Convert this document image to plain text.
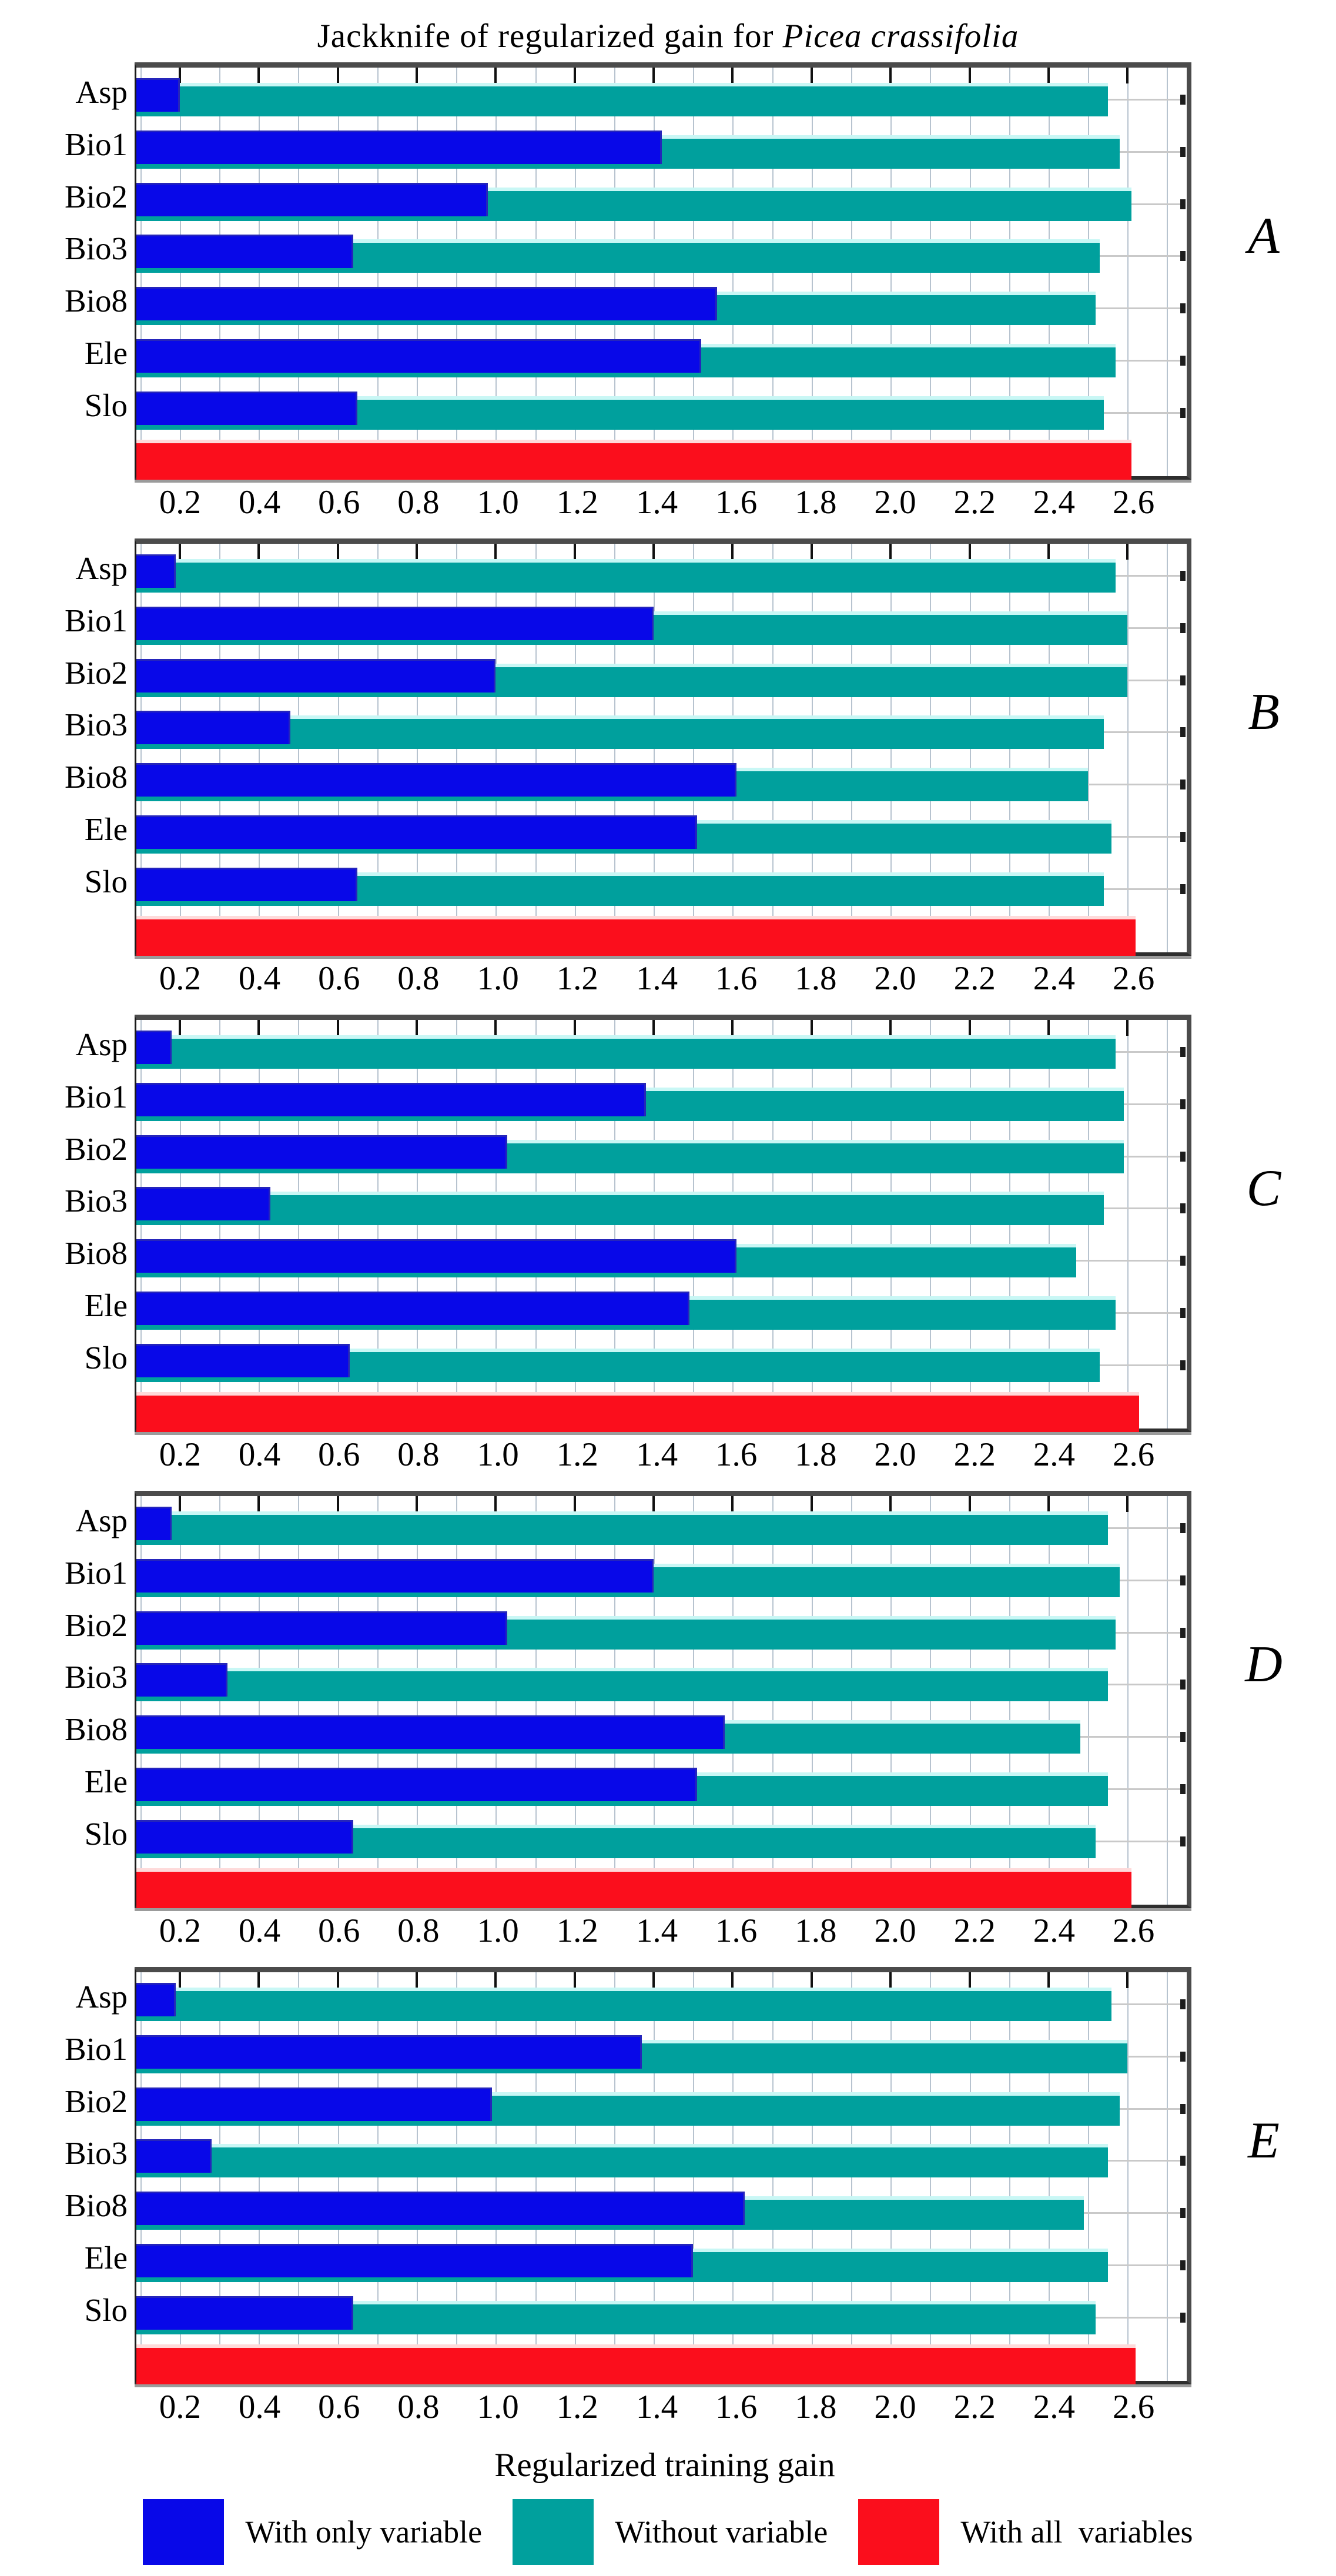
Jackknife of regularized gain for Picea crassifolia
Asp
Bio1
Bio2
Bio3
Bio8
Ele
Slo
A
0.2 0.4 0.6 0.8 1.0 1.2 1.4 1.6 1.8 2.0 2.2 2.4 2.6
Asp
Bio1
Bio2
Bio3
Bio8
Ele
Slo
B
0.2 0.4 0.6 0.8 1.0 1.2 1.4 1.6 1.8 2.0 2.2 2.4 2.6
Asp
Bio1
Bio2
Bio3
Bio8
Ele
Slo
C
0.2 0.4 0.6 0.8 1.0 1.2 1.4 1.6 1.8 2.0 2.2 2.4 2.6
Asp
Bio1
Bio2
Bio3
Bio8
Ele
Slo
D
0.2 0.4 0.6 0.8 1.0 1.2 1.4 1.6 1.8 2.0 2.2 2.4 2.6
Asp
Bio1
Bio2
Bio3
Bio8
Ele
Slo
E
0.2 0.4 0.6 0.8 1.0 1.2 1.4 1.6 1.8 2.0 2.2 2.4 2.6
Regularized training gain
With only variable	Without variable	With all  variables
